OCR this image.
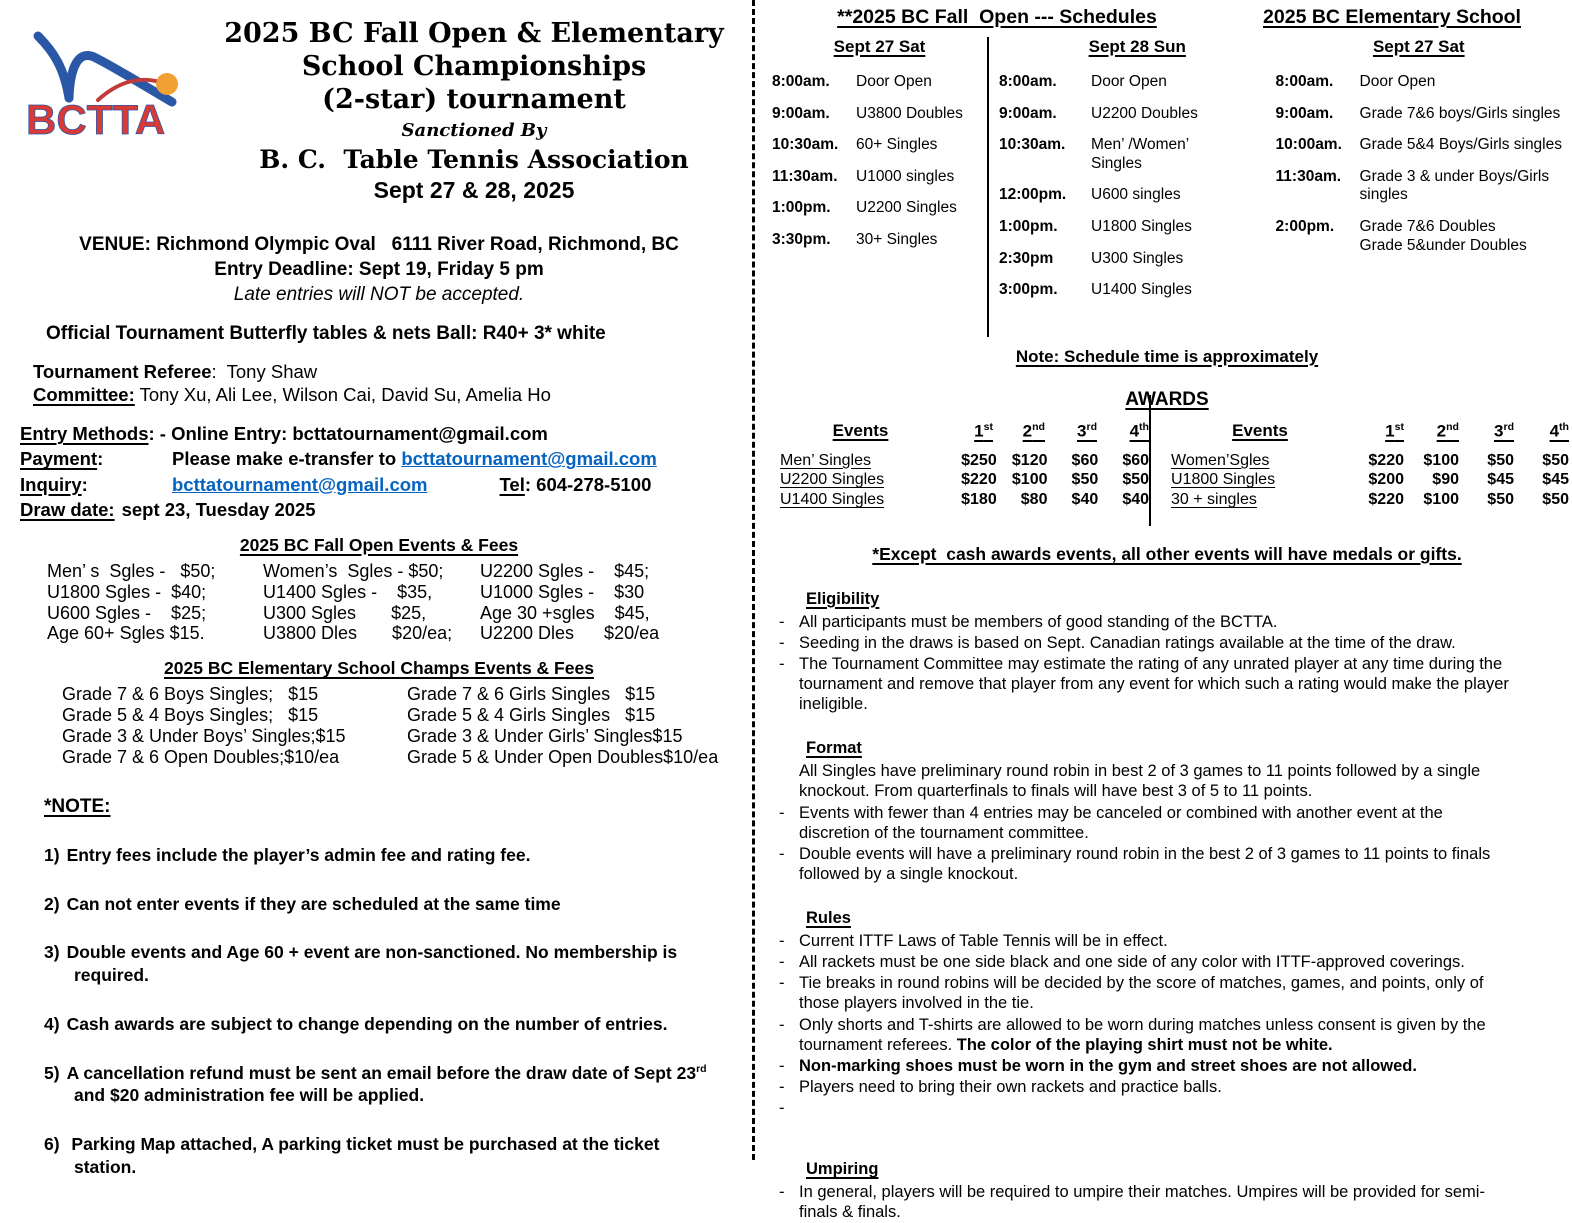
BCTTA
2025 BC Fall Open & Elementary
School Championships
(2-star) tournament
Sanctioned By
B. C.  Table Tennis Association
Sept 27 & 28, 2025
VENUE: Richmond Olympic Oval   6111 River Road, Richmond, BC
Entry Deadline: Sept 19, Friday 5 pm
Late entries will NOT be accepted.
Official Tournament Butterfly tables & nets Ball: R40+ 3* white
Tournament Referee:  Tony Shaw
Committee: Tony Xu, Ali Lee, Wilson Cai, David Su, Amelia Ho
Entry Methods: - Online Entry: bcttatournament@gmail.com
Payment:	Please make e-transfer to bcttatournament@gmail.com
Inquiry:	bcttatournament@gmail.com	Tel: 604-278-5100
Draw date: sept 23, Tuesday 2025
2025 BC Fall Open Events & Fees
Men’ s  Sgles -   $50;	Women’s  Sgles - $50;	U2200 Sgles -    $45;
U1800 Sgles -  $40;	U1400 Sgles -    $35,	U1000 Sgles -    $30
U600 Sgles -    $25;	U300 Sgles       $25,	Age 30 +sgles    $45,
Age 60+ Sgles $15.	U3800 Dles       $20/ea;	U2200 Dles      $20/ea
2025 BC Elementary School Champs Events & Fees
Grade 7 & 6 Boys Singles;   $15	Grade 7 & 6 Girls Singles   $15
Grade 5 & 4 Boys Singles;   $15	Grade 5 & 4 Girls Singles   $15
Grade 3 & Under Boys’ Singles;$15	Grade 3 & Under Girls’ Singles$15
Grade 7 & 6 Open Doubles;$10/ea	Grade 5 & Under Open Doubles$10/ea
*NOTE:
1) Entry fees include the player’s admin fee and rating fee.
2) Can not enter events if they are scheduled at the same time
3) Double events and Age 60 + event are non-sanctioned. No membership is
required.
4) Cash awards are subject to change depending on the number of entries.
5) A cancellation refund must be sent an email before the draw date of Sept 23rd
and $20 administration fee will be applied.
6) Parking Map attached, A parking ticket must be purchased at the ticket
station.
**2025 BC Fall  Open --- Schedules	2025 BC Elementary School
Sept 27 Sat
8:00am.	Door Open
9:00am.	U3800 Doubles
10:30am.	60+ Singles
11:30am.	U1000 singles
1:00pm.	U2200 Singles
3:30pm.	30+ Singles
Sept 28 Sun
8:00am.	Door Open
9:00am.	U2200 Doubles
10:30am.	Men’ /Women’
Singles
12:00pm.	U600 singles
1:00pm.	U1800 Singles
2:30pm	U300 Singles
3:00pm.	U1400 Singles
Sept 27 Sat
8:00am.	Door Open
9:00am.	Grade 7&6 boys/Girls singles
10:00am.	Grade 5&4 Boys/Girls singles
11:30am.	Grade 3 & under Boys/Girls
singles
2:00pm.	Grade 7&6 Doubles
Grade 5&under Doubles
Note: Schedule time is approximately
AWARDS
Events	1st	2nd	3rd	4th
Men’ Singles	$250 $120	$60	$60
U2200 Singles	$220 $100	$50	$50
U1400 Singles	$180	$80	$40	$40
Events	1st	2nd	3rd	4th
Women’Sgles	$220	$100	$50	$50
U1800 Singles	$200	$90	$45	$45
30 + singles	$220	$100	$50	$50
*Except  cash awards events, all other events will have medals or gifts.
Eligibility
- All participants must be members of good standing of the BCTTA.
- Seeding in the draws is based on Sept. Canadian ratings available at the time of the draw.
- The Tournament Committee may estimate the rating of any unrated player at any time during the tournament and remove that player from any event for which such a rating would make the player ineligible.
Format
All Singles have preliminary round robin in best 2 of 3 games to 11 points followed by a single knockout. From quarterfinals to finals will have best 3 of 5 to 11 points.
- Events with fewer than 4 entries may be canceled or combined with another event at the discretion of the tournament committee.
- Double events will have a preliminary round robin in the best 2 of 3 games to 11 points to finals followed by a single knockout.
Rules
- Current ITTF Laws of Table Tennis will be in effect.
- All rackets must be one side black and one side of any color with ITTF-approved coverings.
- Tie breaks in round robins will be decided by the score of matches, games, and points, only of those players involved in the tie.
- Only shorts and T-shirts are allowed to be worn during matches unless consent is given by the tournament referees. The color of the playing shirt must not be white.
- Non-marking shoes must be worn in the gym and street shoes are not allowed.
- Players need to bring their own rackets and practice balls.
-
Umpiring
- In general, players will be required to umpire their matches. Umpires will be provided for semi-finals & finals.
